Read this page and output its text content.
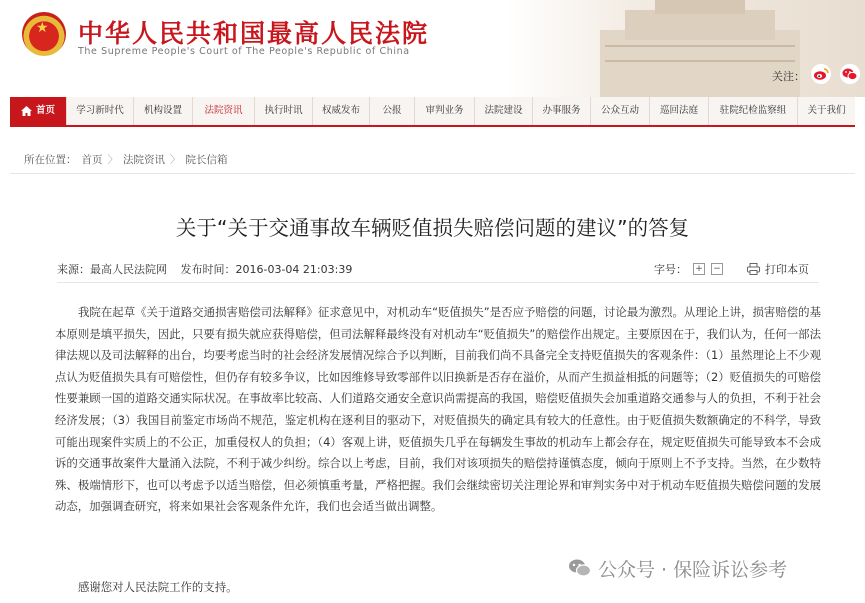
★ 中华人民共和国最高人民法院
The Supreme People's Court of The People's Republic of China
关注：
首页	学习新时代	机构设置	法院资讯	执行时讯	权威发布	公报	审判业务	法院建设	办事服务	公众互动	巡回法庭	驻院纪检监察组	关于我们
所在位置： 首页 〉 法院资讯 〉 院长信箱
关于“关于交通事故车辆贬值损失赔偿问题的建议”的答复
来源：最高人民法院网 发布时间：2016-03-04 21:03:39	字号： + −	打印本页

我院在起草《关于道路交通损害赔偿司法解释》征求意见中，对机动车“贬值损失”是否应予赔偿的问题，讨论最为激烈。从理论上讲，损害赔偿的基本原则是填平损失，因此，只要有损失就应获得赔偿，但司法解释最终没有对机动车“贬值损失”的赔偿作出规定。主要原因在于，我们认为，任何一部法律法规以及司法解释的出台，均要考虑当时的社会经济发展情况综合予以判断，目前我们尚不具备完全支持贬值损失的客观条件：（1）虽然理论上不少观点认为贬值损失具有可赔偿性，但仍存有较多争议，比如因维修导致零部件以旧换新是否存在溢价，从而产生损益相抵的问题等；（2）贬值损失的可赔偿性要兼顾一国的道路交通实际状况。在事故率比较高、人们道路交通安全意识尚需提高的我国，赔偿贬值损失会加重道路交通参与人的负担，不利于社会经济发展；（3）我国目前鉴定市场尚不规范，鉴定机构在逐利目的驱动下，对贬值损失的确定具有较大的任意性。由于贬值损失数额确定的不科学，导致可能出现案件实质上的不公正，加重侵权人的负担；（4）客观上讲，贬值损失几乎在每辆发生事故的机动车上都会存在，规定贬值损失可能导致本不会成诉的交通事故案件大量涌入法院，不利于减少纠纷。综合以上考虑，目前，我们对该项损失的赔偿持谨慎态度，倾向于原则上不予支持。当然，在少数特殊、极端情形下，也可以考虑予以适当赔偿，但必须慎重考量，严格把握。我们会继续密切关注理论界和审判实务中对于机动车贬值损失赔偿问题的发展动态，加强调查研究，将来如果社会客观条件允许，我们也会适当做出调整。

感谢您对人民法院工作的支持。

公众号 · 保险诉讼参考
